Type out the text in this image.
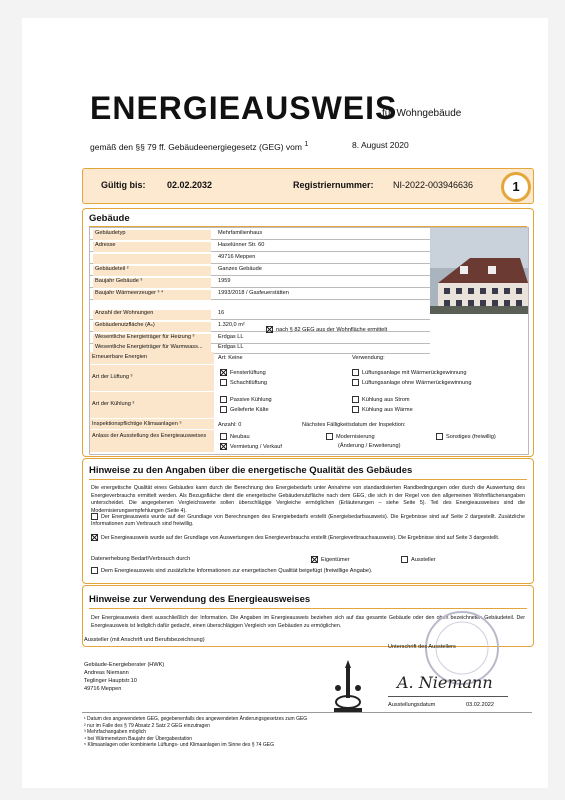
ENERGIEAUSWEIS
für Wohngebäude
gemäß den §§ 79 ff. Gebäudeenergiegesetz (GEG) vom $^1$	8. August 2020
Gültig bis: 02.02.2032	Registriernummer: NI-2022-003946636	1
Gebäude
Gebäudetyp	Mehrfamilienhaus
Adresse	Haselünner Str. 60
49716 Meppen
Gebäudeteil ²	Ganzes Gebäude
Baujahr Gebäude ³	1959
Baujahr Wärmeerzeuger ³ ⁴	1993/2018 / Gasfeuerstätten
Anzahl der Wohnungen	16
Gebäudenutzfläche (Aₙ)	1.320,0 m²
Wesentliche Energieträger für Heizung ³	Erdgas LL
Wesentliche Energieträger für Warmwass...	Erdgas LL
Erneuerbare Energien	Art: Keine	Verwendung:
Art der Lüftung ³
Fensterlüftung
Schachtlüftung
Lüftungsanlage mit Wärmerückgewinnung
Lüftungsanlage ohne Wärmerückgewinnung
Art der Kühlung ³
Passive Kühlung
Gelieferte Kälte
Kühlung aus Strom
Kühlung aus Wärme
Inspektionspflichtige Klimaanlagen ⁵	Anzahl: 0	Nächstes Fälligkeitsdatum der Inspektion:
Anlass der Ausstellung des Energieausweises	Neubau
Vermietung / Verkauf
Modernisierung
(Änderung / Erweiterung)
Sonstiges (freiwillig)
nach § 82 GEG aus der Wohnfläche ermittelt
Hinweise zu den Angaben über die energetische Qualität des Gebäudes
Die energetische Qualität eines Gebäudes kann durch die Berechnung des Energiebedarfs unter Annahme von standardisierten Randbedingungen oder durch die Auswertung des Energieverbrauchs ermittelt werden. Als Bezugsfläche dient die energetische Gebäudenutzfläche nach dem GEG, die sich in der Regel von den allgemeinen Wohnflächenangaben unterscheidet. Die angegebenen Vergleichswerte sollen überschlägige Vergleiche ermöglichen (Erläuterungen – siehe Seite 5). Teil des Energieausweises sind die Modernisierungsempfehlungen (Seite 4).
Der Energieausweis wurde auf der Grundlage von Berechnungen des Energiebedarfs erstellt (Energiebedarfsausweis). Die Ergebnisse sind auf Seite 2 dargestellt. Zusätzliche Informationen zum Verbrauch sind freiwillig.
Der Energieausweis wurde auf der Grundlage von Auswertungen des Energieverbrauchs erstellt (Energieverbrauchsausweis). Die Ergebnisse sind auf Seite 3 dargestellt.
Datenerhebung Bedarf/Verbrauch durch	Eigentümer	Aussteller
Dem Energieausweis sind zusätzliche Informationen zur energetischen Qualität beigefügt (freiwillige Angabe).
Hinweise zur Verwendung des Energieausweises
Der Energieausweis dient ausschließlich der Information. Die Angaben im Energieausweis beziehen sich auf das gesamte Gebäude oder den oben bezeichneten Gebäudeteil. Der Energieausweis ist lediglich dafür gedacht, einen überschlägigen Vergleich von Gebäuden zu ermöglichen.
Aussteller (mit Anschrift und Berufsbezeichnung)
Gebäude-Energieberater (HWK)
Andreas Niemann
Teglinger Hauptstr.10
49716 Meppen
Unterschrift des Ausstellers
A. Niemann
Ausstellungsdatum	03.02.2022
¹ Datum des angewendeten GEG, gegebenenfalls des angewendeten Änderungsgesetzes zum GEG
² nur im Falle des § 79 Absatz 2 Satz 2 GEG einzutragen
³ Mehrfachangaben möglich
⁴ bei Wärmenetzen Baujahr der Übergabestation
⁵ Klimaanlagen oder kombinierte Lüftungs- und Klimaanlagen im Sinne des § 74 GEG
